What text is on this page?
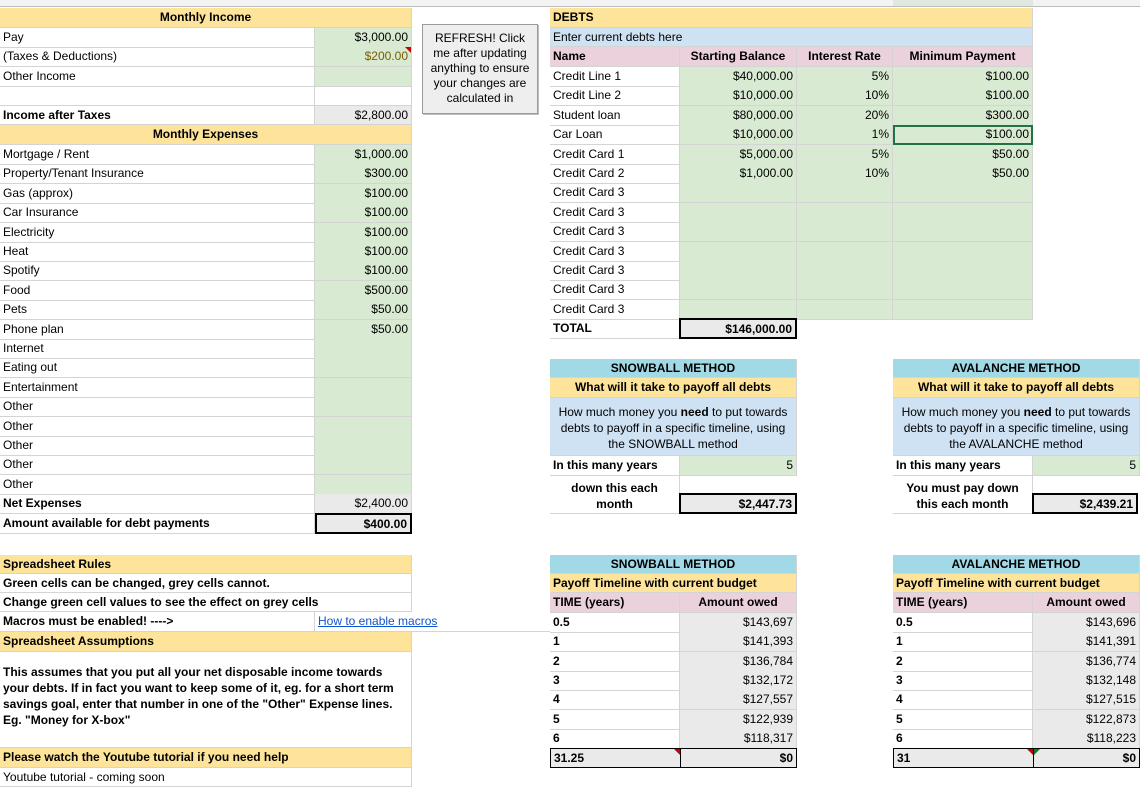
Monthly Income
Pay	$3,000.00
(Taxes & Deductions)	$200.00
Other Income
Income after Taxes	$2,800.00
Monthly Expenses
Mortgage / Rent	$1,000.00
Property/Tenant Insurance	$300.00
Gas (approx)	$100.00
Car Insurance	$100.00
Electricity	$100.00
Heat	$100.00
Spotify	$100.00
Food	$500.00
Pets	$50.00
Phone plan	$50.00
Internet
Eating out
Entertainment
Other
Other
Other
Other
Other
Net Expenses	$2,400.00
Amount available for debt payments	$400.00
Spreadsheet Rules
Green cells can be changed, grey cells cannot.
Change green cell values to see the effect on grey cells
Macros must be enabled! ---->	How to enable macros
Spreadsheet Assumptions
This assumes that you put all your net disposable income towards your debts. If in fact you want to keep some of it, eg. for a short term savings goal, enter that number in one of the "Other" Expense lines. Eg. "Money for X-box"
Please watch the Youtube tutorial if you need help
Youtube tutorial - coming soon
REFRESH! Click me after updating anything to ensure your changes are calculated in
DEBTS
Enter current debts here
Name	Starting Balance	Interest Rate	Minimum Payment
Credit Line 1	$40,000.00	5%	$100.00
Credit Line 2	$10,000.00	10%	$100.00
Student loan	$80,000.00	20%	$300.00
Car Loan	$10,000.00	1%	$100.00
Credit Card 1	$5,000.00	5%	$50.00
Credit Card 2	$1,000.00	10%	$50.00
Credit Card 3
Credit Card 3
Credit Card 3
Credit Card 3
Credit Card 3
Credit Card 3
Credit Card 3
TOTAL	$146,000.00
SNOWBALL METHOD
What will it take to payoff all debts
How much money you need to put towards debts to payoff in a specific timeline, using the SNOWBALL method
In this many years	5
down this each month	$2,447.73
AVALANCHE METHOD
What will it take to payoff all debts
How much money you need to put towards debts to payoff in a specific timeline, using the AVALANCHE method
In this many years	5
You must pay down this each month	$2,439.21
SNOWBALL METHOD
Payoff Timeline with current budget
TIME (years)	Amount owed
0.5	$143,697
1	$141,393
2	$136,784
3	$132,172
4	$127,557
5	$122,939
6	$118,317
31.25	$0
AVALANCHE METHOD
Payoff Timeline with current budget
TIME (years)	Amount owed
0.5	$143,696
1	$141,391
2	$136,774
3	$132,148
4	$127,515
5	$122,873
6	$118,223
31	$0
